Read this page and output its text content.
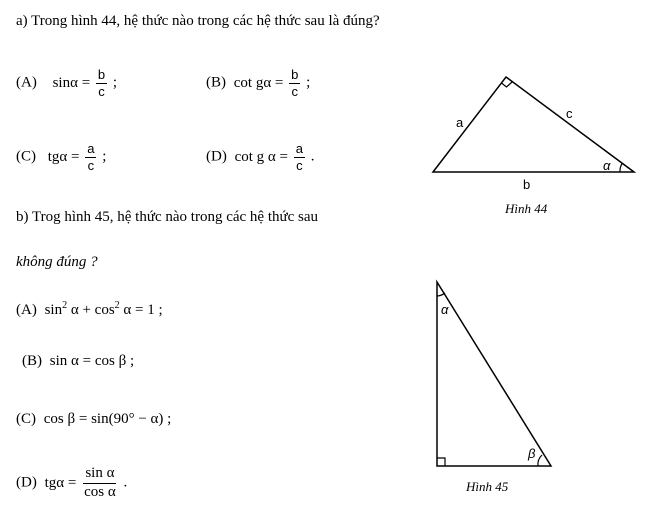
a) Trong hình 44, hệ thức nào trong các hệ thức sau là đúng?
(A) $\sin\alpha = \frac{b}{c}$ ;	(B) $\cot g\alpha = \frac{b}{c}$ ;
(C) $tg\alpha = \frac{a}{c}$ ;	(D) cot g $\alpha = \frac{a}{c}$ .
b) Trog hình 45, hệ thức nào trong các hệ thức sau
không đúng ?
(A) $\sin^2 \alpha + \cos^2 \alpha = 1$ ;
(B) sin α = cos β ;
(C) cos β = sin(90° − α) ;
(D) $tg\alpha = \frac{\text{sin α}}{\text{cos α}}$ .
a
c
b
α
Hình 44
α
β
Hình 45
